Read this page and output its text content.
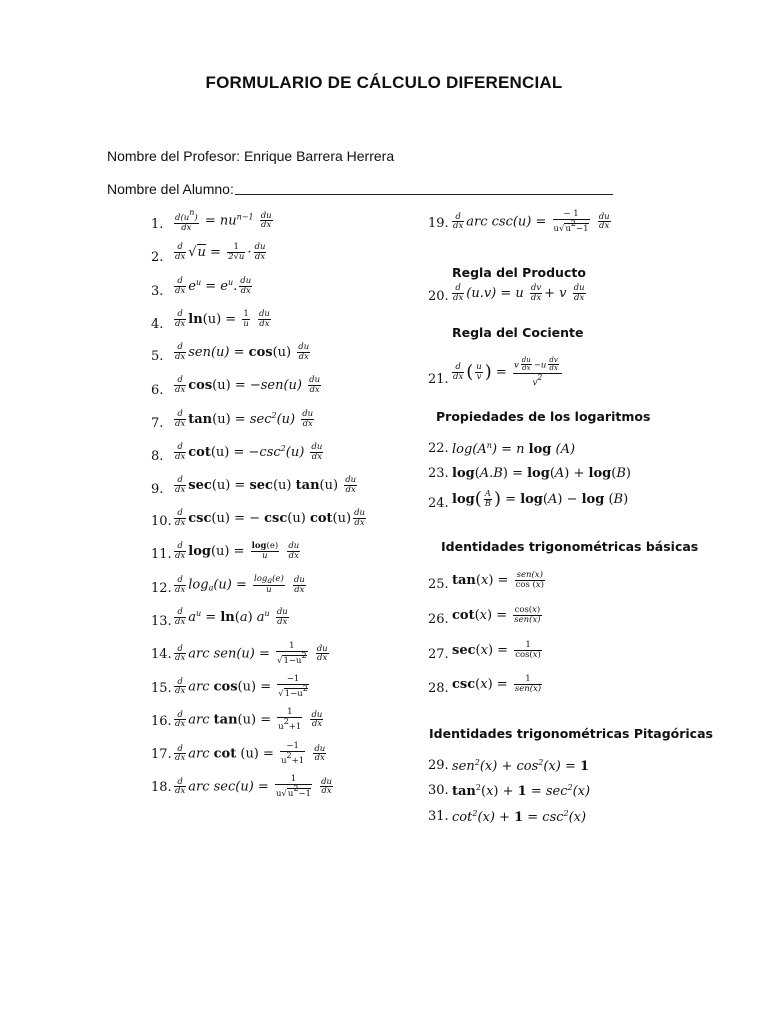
FORMULARIO DE CÁLCULO DIFERENCIAL
Nombre del Profesor: Enrique Barrera Herrera
Nombre del Alumno:
1. $\frac{d(u^n)}{dx} = nu^{n-1} \frac{du}{dx}$
2. $\frac{d}{dx} √u = \frac{1}{2√u} \cdot \frac{du}{dx}$
3. $\frac{d}{dx} e^u = e^u$. $\frac{du}{dx}$
4. $\frac{d}{dx} \ln(u) = \frac{1}{u}$
$\frac{du}{dx}$
5. $\frac{d}{dx} sen(u) = \cos(u) \frac{du}{dx}$
6. $\frac{d}{dx} \cos(u) = -sen(u) \frac{du}{dx}$
7. $\frac{d}{dx} \tan(u) = \sec^2(u) \frac{du}{dx}$
8. $\frac{d}{dx} \cot(u) = -\csc^2(u) \frac{du}{dx}$
9. $\frac{d}{dx} \sec(u) = \sec(u)$ $\tan(u) \frac{du}{dx}$
10. $\frac{d}{dx} \csc(u)$ = − csc(u) $\cot(u) \frac{du}{dx}$
11. $\frac{d}{dx} \log(u) = \frac{\log(e)}{u}$
$\frac{du}{dx}$
12. $\frac{d}{dx} \log_a(u) = \frac{\log_a(e)}{u}$
$\frac{du}{dx}$
13. $\frac{d}{dx} a^u = \ln(a)$ $a^u \frac{du}{dx}$
14. $\frac{d}{dx}$ arc $sen(u) = \frac{1}{√1-u^2}$
$\frac{du}{dx}$
15. $\frac{d}{dx}$ arc $\cos(u) = \frac{-1}{√1-u^2}$
16. $\frac{d}{dx}$ arc $\tan(u) = \frac{1}{u^2+1}$
$\frac{du}{dx}$
17. $\frac{d}{dx}$ arc $\cot (u) = \frac{-1}{u^2+1}$
$\frac{du}{dx}$
18. $\frac{d}{dx}$ arc $\sec(u) = \frac{1}{u√u^2-1}$
$\frac{du}{dx}$
19. $\frac{d}{dx}$ arc $\csc(u) = \frac{- 1}{u√u^2-1}$
$\frac{du}{dx}$
Regla del Producto
20. $\frac{d}{dx} (u.v) = u \frac{dv}{dx} + v \frac{du}{dx}$
Regla del Cociente
21. $\frac{d}{dx}$ ( $\frac{u}{v}$ ) = v $\frac{du}{dx} -u \frac{dv}{dx}$
$v^2$
Propiedades de los logaritmos
22. $\log(A^n) = n$ log (A)
23. log(A.B) = log(A) + log(B)
24. $\log( \frac{A}{B}$ ) = log(A) − log (B)
Identidades trigonométricas básicas
25. tan(x) = sen(x)
cos (x)
26. cot(x) = cos(x)
sen(x)
27. $\sec(x) = \frac{1}{\cos(x)}$
28. csc(x) =	1
sen(x)
Identidades trigonométricas Pitagóricas
29. $sen^2(x) + \cos^2(x) = 1$
30. $\tan^2(x) + 1 = \sec^2(x)$
31. $\cot^2(x) + 1 = \csc^2(x)$
